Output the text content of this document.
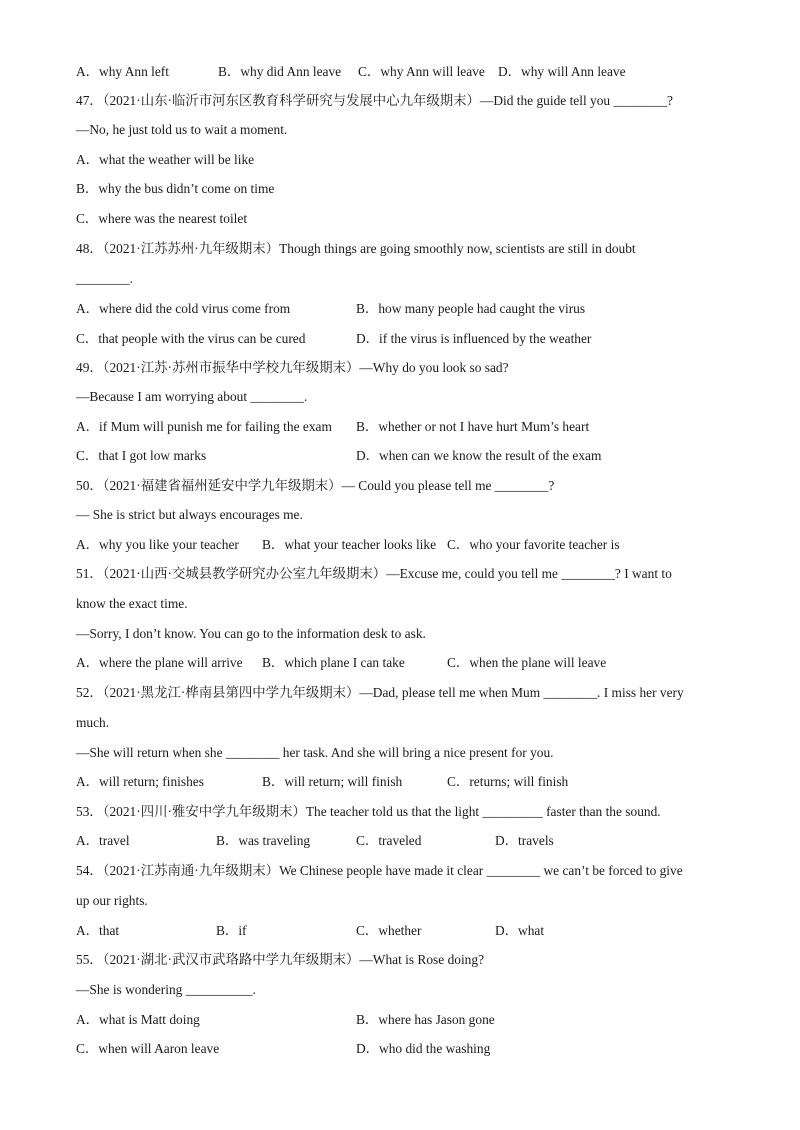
A．why Ann left	B．why did Ann leave C．why Ann will leave D．why will Ann leave
47．（2021·山东·临沂市河东区教育科学研究与发展中心九年级期末）—Did the guide tell you ________?
—No, he just told us to wait a moment.
A．what the weather will be like
B．why the bus didn’t come on time
C．where was the nearest toilet
48．（2021·江苏苏州·九年级期末）Though things are going smoothly now, scientists are still in doubt
________.
A．where did the cold virus come from	B．how many people had caught the virus
C．that people with the virus can be cured	D．if the virus is influenced by the weather
49．（2021·江苏·苏州市振华中学校九年级期末）—Why do you look so sad?
—Because I am worrying about ________.
A．if Mum will punish me for failing the exam B．whether or not I have hurt Mum’s heart
C．that I got low marks	D．when can we know the result of the exam
50．（2021·福建省福州延安中学九年级期末）— Could you please tell me ________?
— She is strict but always encourages me.
A．why you like your teacher B．what your teacher looks like C．who your favorite teacher is
51．（2021·山西·交城县教学研究办公室九年级期末）—Excuse me, could you tell me ________? I want to
know the exact time.
—Sorry, I don’t know. You can go to the information desk to ask.
A．where the plane will arrive B．which plane I can take	C．when the plane will leave
52．（2021·黑龙江·桦南县第四中学九年级期末）—Dad, please tell me when Mum ________. I miss her very
much.
—She will return when she ________ her task. And she will bring a nice present for you.
A．will return; finishes	B．will return; will finish	C．returns; will finish
53．（2021·四川·雅安中学九年级期末）The teacher told us that the light _________ faster than the sound.
A．travel	B．was traveling	C．traveled	D．travels
54．（2021·江苏南通·九年级期末）We Chinese people have made it clear ________ we can’t be forced to give
up our rights.
A．that	B．if	C．whether	D．what
55．（2021·湖北·武汉市武珞路中学九年级期末）—What is Rose doing?
—She is wondering __________.
A．what is Matt doing	B．where has Jason gone
C．when will Aaron leave	D．who did the washing
